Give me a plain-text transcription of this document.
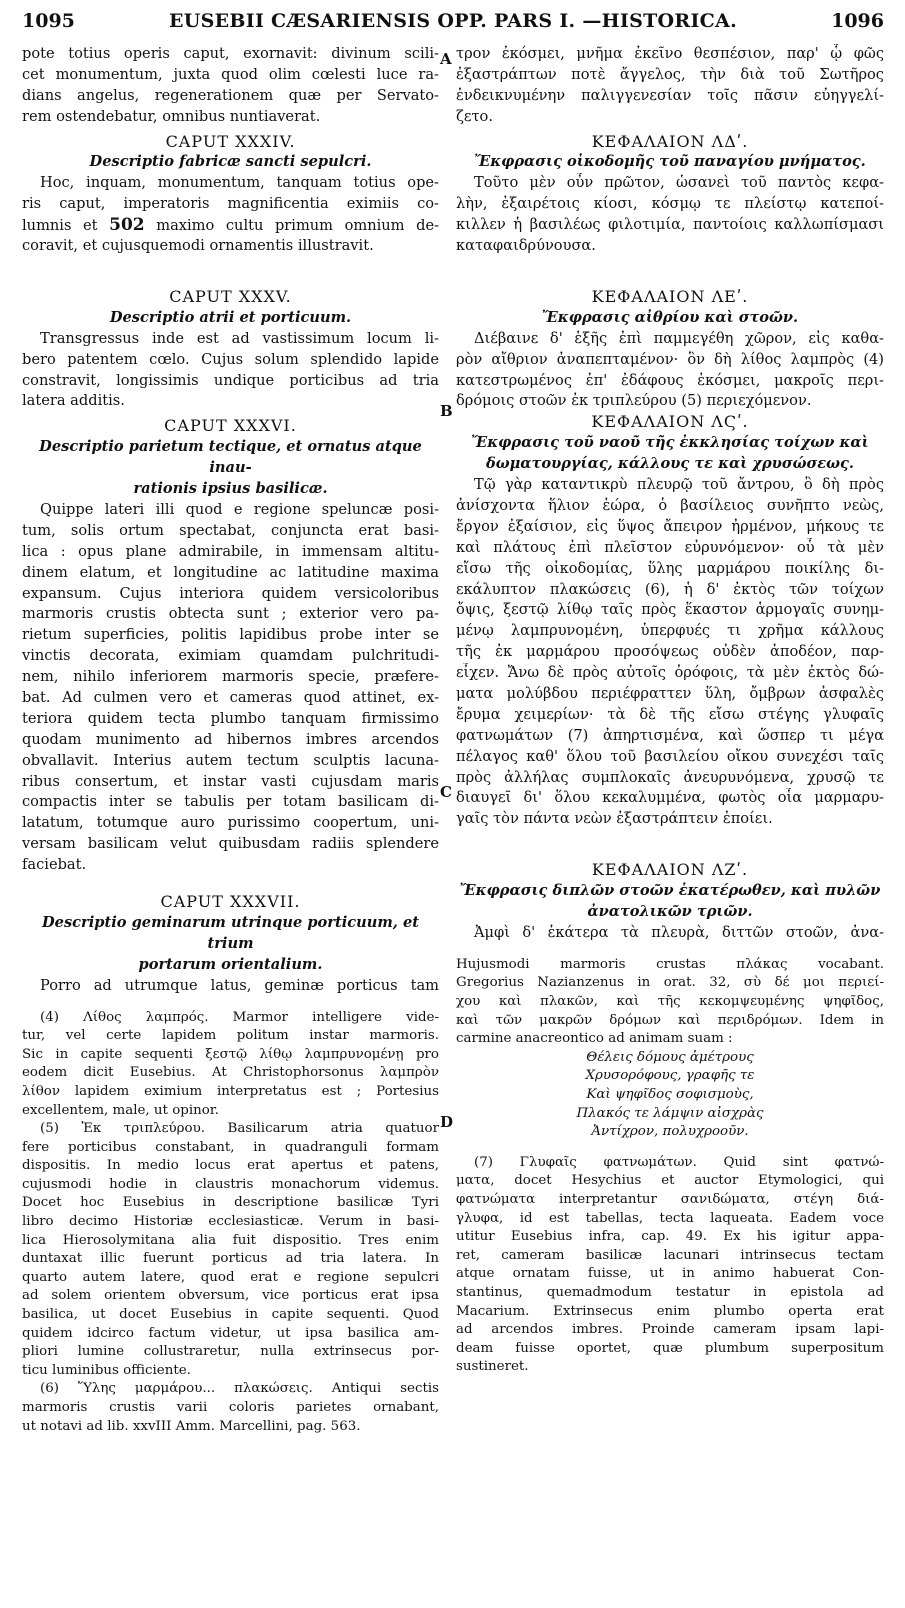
1095	EUSEBII CÆSARIENSIS OPP. PARS I. —HISTORICA.	1096
A
B
C
D
pote totius operis caput, exornavit: divinum scili-
cet monumentum, juxta quod olim cœlesti luce ra-
dians angelus, regenerationem quæ per Servato-
rem ostendebatur, omnibus nuntiaverat.
CAPUT XXXIV.
Descriptio fabricæ sancti sepulcri.
Hoc, inquam, monumentum, tanquam totius ope-
ris caput, imperatoris magnificentia eximiis co-
lumnis et 502 maximo cultu primum omnium de-
coravit, et cujusquemodi ornamentis illustravit.
CAPUT XXXV.
Descriptio atrii et porticuum.
Transgressus inde est ad vastissimum locum li-
bero patentem cœlo. Cujus solum splendido lapide
constravit, longissimis undique porticibus ad tria
latera additis.
CAPUT XXXVI.
Descriptio parietum tectique, et ornatus atque inau-
rationis ipsius basilicæ.
Quippe lateri illi quod e regione speluncæ posi-
tum, solis ortum spectabat, conjuncta erat basi-
lica : opus plane admirabile, in immensam altitu-
dinem elatum, et longitudine ac latitudine maxima
expansum. Cujus interiora quidem versicoloribus
marmoris crustis obtecta sunt ; exterior vero pa-
rietum superficies, politis lapidibus probe inter se
vinctis decorata, eximiam quamdam pulchritudi-
nem, nihilo inferiorem marmoris specie, præfere-
bat. Ad culmen vero et cameras quod attinet, ex-
teriora quidem tecta plumbo tanquam firmissimo
quodam munimento ad hibernos imbres arcendos
obvallavit. Interius autem tectum sculptis lacuna-
ribus consertum, et instar vasti cujusdam maris
compactis inter se tabulis per totam basilicam di-
latatum, totumque auro purissimo coopertum, uni-
versam basilicam velut quibusdam radiis splendere
faciebat.
CAPUT XXXVII.
Descriptio geminarum utrinque porticuum, et trium
portarum orientalium.
Porro ad utrumque latus, geminæ porticus tam
(4) Λίθος λαμπρός. Marmor intelligere vide-
tur, vel certe lapidem politum instar marmoris.
Sic in capite sequenti ξεστῷ λίθῳ λαμπρυνομένῃ pro
eodem dicit Eusebius. At Christophorsonus λαμπρὸν
λίθον lapidem eximium interpretatus est ; Portesius
excellentem, male, ut opinor.
(5) Ἐκ τριπλεύρου. Basilicarum atria quatuor
fere porticibus constabant, in quadranguli formam
dispositis. In medio locus erat apertus et patens,
cujusmodi hodie in claustris monachorum videmus.
Docet hoc Eusebius in descriptione basilicæ Tyri
libro decimo Historiæ ecclesiasticæ. Verum in basi-
lica Hierosolymitana alia fuit dispositio. Tres enim
duntaxat illic fuerunt porticus ad tria latera. In
quarto autem latere, quod erat e regione sepulcri
ad solem orientem obversum, vice porticus erat ipsa
basilica, ut docet Eusebius in capite sequenti. Quod
quidem idcirco factum videtur, ut ipsa basilica am-
pliori lumine collustraretur, nulla extrinsecus por-
ticu luminibus officiente.
(6) Ὕλης μαρμάρου... πλακώσεις. Antiqui sectis
marmoris crustis varii coloris parietes ornabant,
ut notavi ad lib. xxvIII Amm. Marcellini, pag. 563.
τρον ἐκόσμει, μνῆμα ἐκεῖνο θεσπέσιον, παρ' ᾧ φῶς
ἐξαστράπτων ποτὲ ἄγγελος, τὴν διὰ τοῦ Σωτῆρος
ἐνδεικνυμένην παλιγγενεσίαν τοῖς πᾶσιν εὐηγγελί-
ζετο.
ΚΕΦΑΛΑΙΟΝ ΛΔʹ.
Ἔκφρασις οἰκοδομῆς τοῦ παναγίου μνήματος.
Τοῦτο μὲν οὖν πρῶτον, ὡσανεὶ τοῦ παντὸς κεφα-
λὴν, ἐξαιρέτοις κίοσι, κόσμῳ τε πλείστῳ κατεποί-
κιλλεν ἡ βασιλέως φιλοτιμία, παντοίοις καλλωπίσμασι
καταφαιδρύνουσα.
ΚΕΦΑΛΑΙΟΝ ΛΕʹ.
Ἔκφρασις αἰθρίου καὶ στοῶν.
Διέβαινε δ' ἑξῆς ἐπὶ παμμεγέθη χῶρον, εἰς καθα-
ρὸν αἴθριον ἀναπεπταμένον· ὃν δὴ λίθος λαμπρὸς (4)
κατεστρωμένος ἐπ' ἐδάφους ἐκόσμει, μακροῖς περι-
δρόμοις στοῶν ἐκ τριπλεύρου (5) περιεχόμενον.
ΚΕΦΑΛΑΙΟΝ ΛϚʹ.
Ἔκφρασις τοῦ ναοῦ τῆς ἐκκλησίας τοίχων καὶ
δωματουργίας, κάλλους τε καὶ χρυσώσεως.
Τῷ γὰρ καταντικρὺ πλευρῷ τοῦ ἄντρου, ὃ δὴ πρὸς
ἀνίσχοντα ἥλιον ἑώρα, ὁ βασίλειος συνῆπτο νεὼς,
ἔργον ἐξαίσιον, εἰς ὕψος ἄπειρον ἠρμένον, μήκους τε
καὶ πλάτους ἐπὶ πλεῖστον εὐρυνόμενον· οὗ τὰ μὲν
εἴσω τῆς οἰκοδομίας, ὕλης μαρμάρου ποικίλης δι-
εκάλυπτον πλακώσεις (6), ἡ δ' ἐκτὸς τῶν τοίχων
ὄψις, ξεστῷ λίθῳ ταῖς πρὸς ἕκαστον ἁρμογαῖς συνημ-
μένῳ λαμπρυνομένη, ὑπερφυές τι χρῆμα κάλλους
τῆς ἐκ μαρμάρου προσόψεως οὐδὲν ἀποδέον, παρ-
εἶχεν. Ἄνω δὲ πρὸς αὐτοῖς ὀρόφοις, τὰ μὲν ἐκτὸς δώ-
ματα μολύβδου περιέφραττεν ὕλη, ὄμβρων ἀσφαλὲς
ἔρυμα χειμερίων· τὰ δὲ τῆς εἴσω στέγης γλυφαῖς
φατνωμάτων (7) ἀπηρτισμένα, καὶ ὥσπερ τι μέγα
πέλαγος καθ' ὅλου τοῦ βασιλείου οἴκου συνεχέσι ταῖς
πρὸς ἀλλήλας συμπλοκαῖς ἀνευρυνόμενα, χρυσῷ τε
διαυγεῖ δι' ὅλου κεκαλυμμένα, φωτὸς οἷα μαρμαρυ-
γαῖς τὸν πάντα νεὼν ἐξαστράπτειν ἐποίει.
ΚΕΦΑΛΑΙΟΝ ΛΖʹ.
Ἔκφρασις διπλῶν στοῶν ἑκατέρωθεν, καὶ πυλῶν
ἀνατολικῶν τριῶν.
Ἀμφὶ δ' ἑκάτερα τὰ πλευρὰ, διττῶν στοῶν, ἀνα-
Hujusmodi marmoris crustas πλάκας vocabant.
Gregorius Nazianzenus in orat. 32, σὺ δέ μοι περιεί-
χου καὶ πλακῶν, καὶ τῆς κεκομψευμένης ψηφῖδος,
καὶ τῶν μακρῶν δρόμων καὶ περιδρόμων. Idem in
carmine anacreontico ad animam suam :
Θέλεις δόμους ἀμέτρους
Χρυσορόφους, γραφῆς τε
Καὶ ψηφῖδος σοφισμοὺς,
Πλακός τε λάμψιν αἰσχρὰς
Ἀντίχρον, πολυχροοῦν.
(7) Γλυφαῖς φατνωμάτων. Quid sint φατνώ-
ματα, docet Hesychius et auctor Etymologici, qui
φατνώματα interpretantur σανιδώματα, στέγη διά-
γλυφα, id est tabellas, tecta laqueata. Eadem voce
utitur Eusebius infra, cap. 49. Ex his igitur appa-
ret, cameram basilicæ lacunari intrinsecus tectam
atque ornatam fuisse, ut in animo habuerat Con-
stantinus, quemadmodum testatur in epistola ad
Macarium. Extrinsecus enim plumbo operta erat
ad arcendos imbres. Proinde cameram ipsam lapi-
deam fuisse oportet, quæ plumbum superpositum
sustineret.
